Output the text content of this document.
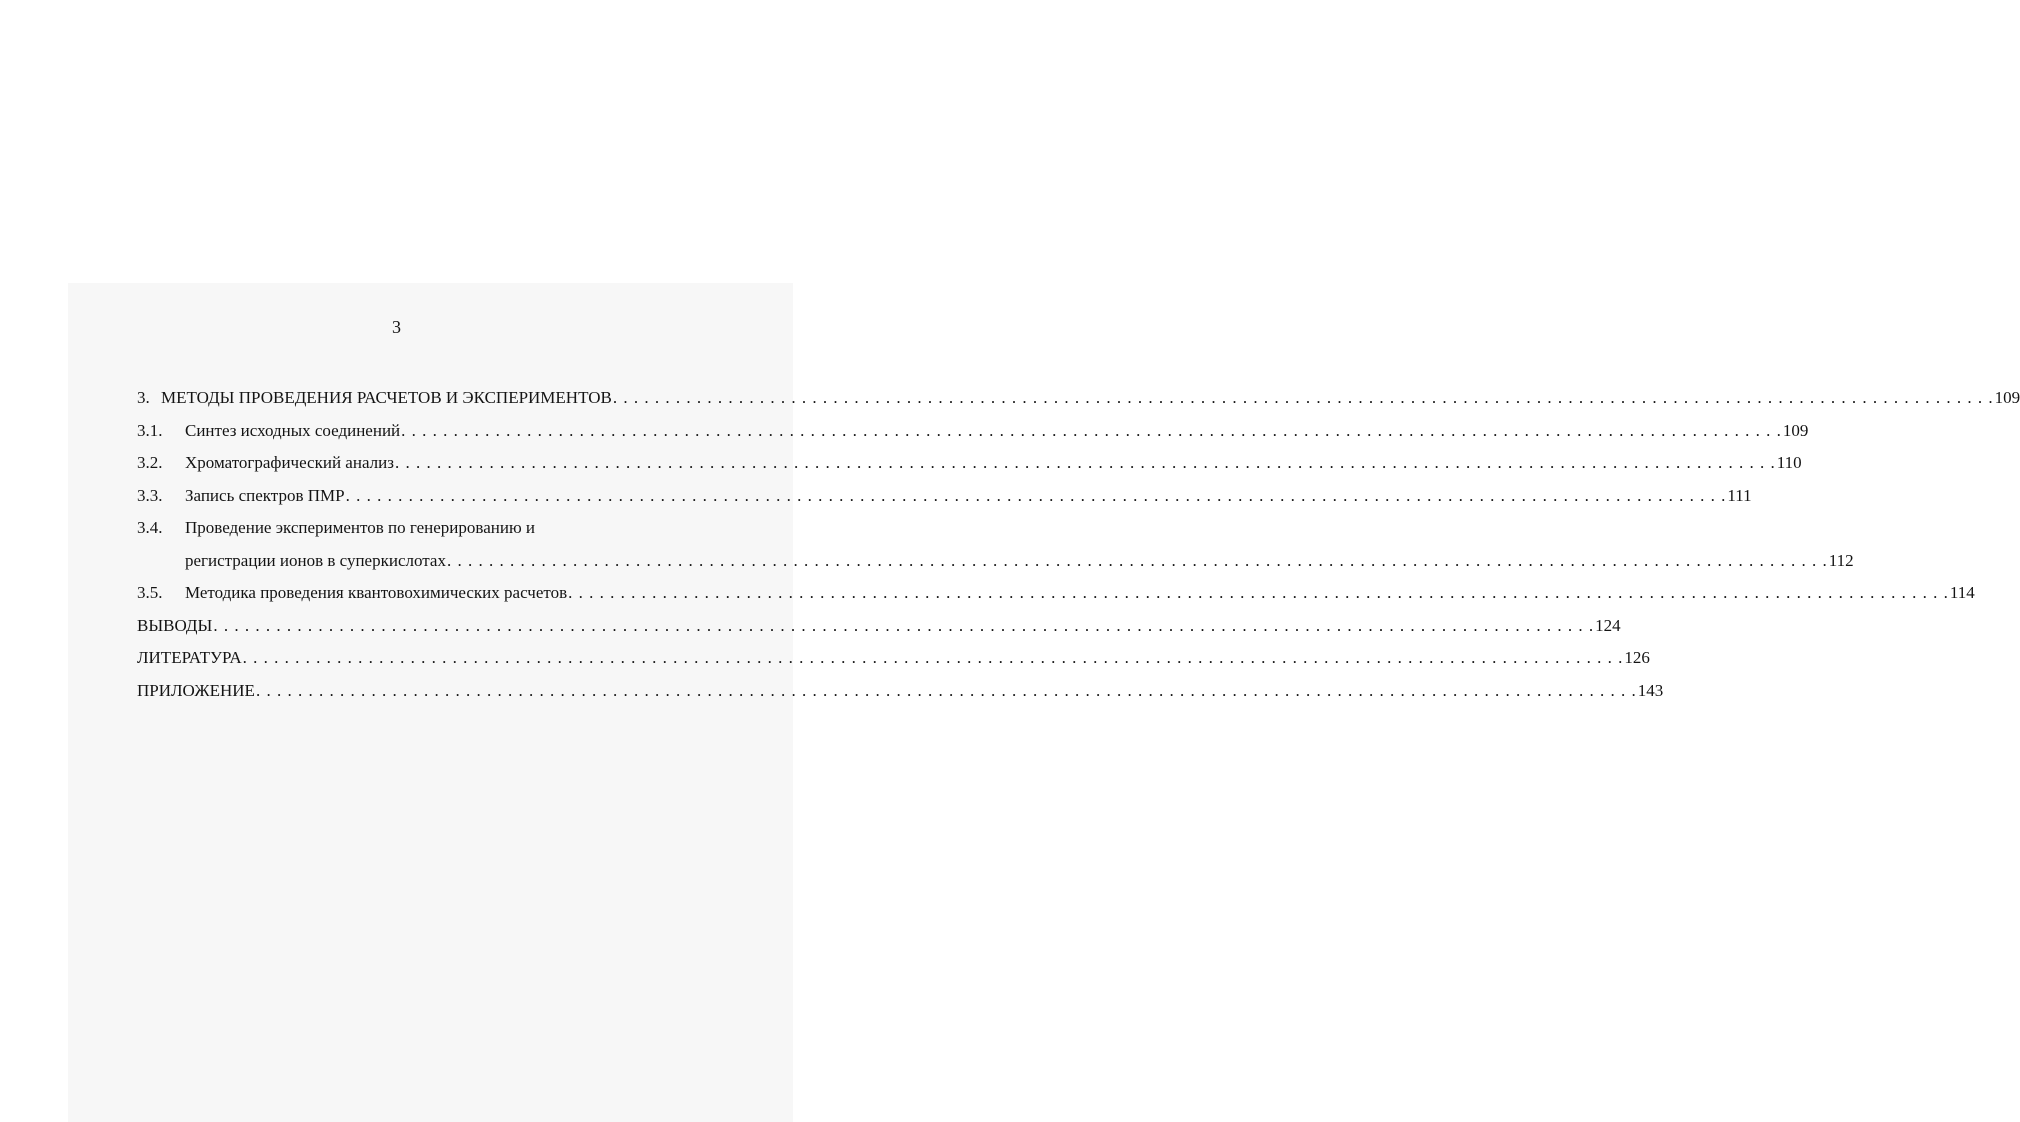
3
3. МЕТОДЫ ПРОВЕДЕНИЯ РАСЧЕТОВ И ЭКСПЕРИМЕНТОВ . . .	109
3.1.	Синтез исходных соединений . . .	109
3.2.	Хроматографический анализ . . .	110
3.3.	Запись спектров ПМР . . .	111
3.4.	Проведение экспериментов по генерированию и
регистрации ионов в суперкислотах . . .	112
3.5.	Методика проведения квантовохимических расчетов . . .	114
ВЫВОДЫ . . .	124
ЛИТЕРАТУРА . . .	126
ПРИЛОЖЕНИЕ . . .	143
